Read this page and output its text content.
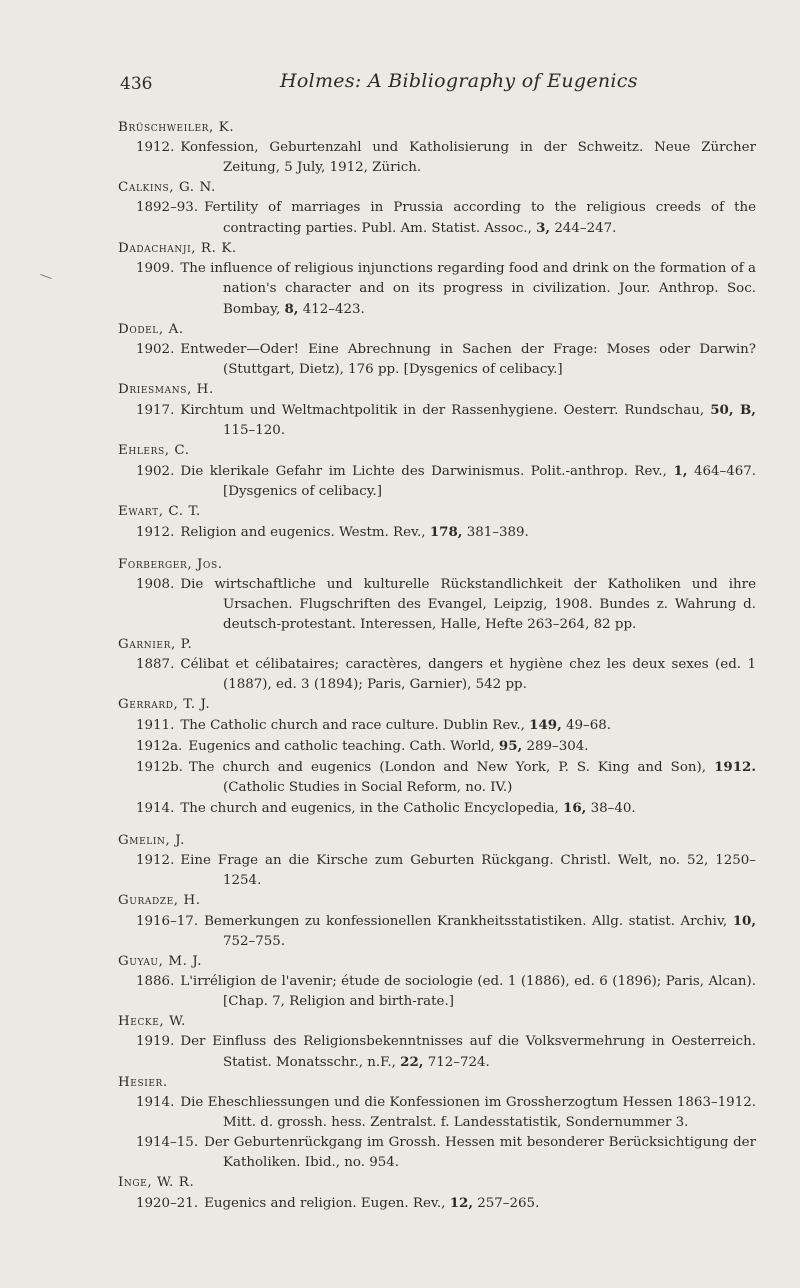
436	Holmes: A Bibliography of Eugenics
Brüschweiler, K.
1912. Konfession, Geburtenzahl und Katholisierung in der Schweitz. Neue Zürcher Zeitung, 5 July, 1912, Zürich.
Calkins, G. N.
1892–93. Fertility of marriages in Prussia according to the religious creeds of the contracting parties. Publ. Am. Statist. Assoc., 3, 244–247.
Dadachanji, R. K.
1909. The influence of religious injunctions regarding food and drink on the formation of a nation's character and on its progress in civilization. Jour. Anthrop. Soc. Bombay, 8, 412–423.
Dodel, A.
1902. Entweder—Oder! Eine Abrechnung in Sachen der Frage: Moses oder Darwin? (Stuttgart, Dietz), 176 pp. [Dysgenics of celibacy.]
Driesmans, H.
1917. Kirchtum und Weltmachtpolitik in der Rassenhygiene. Oesterr. Rundschau, 50, B, 115–120.
Ehlers, C.
1902. Die klerikale Gefahr im Lichte des Darwinismus. Polit.-anthrop. Rev., 1, 464–467. [Dysgenics of celibacy.]
Ewart, C. T.
1912. Religion and eugenics. Westm. Rev., 178, 381–389.
Forberger, Jos.
1908. Die wirtschaftliche und kulturelle Rückstandlichkeit der Katholiken und ihre Ursachen. Flugschriften des Evangel, Leipzig, 1908. Bundes z. Wahrung d. deutsch-protestant. Interessen, Halle, Hefte 263–264, 82 pp.
Garnier, P.
1887. Célibat et célibataires; caractères, dangers et hygiène chez les deux sexes (ed. 1 (1887), ed. 3 (1894); Paris, Garnier), 542 pp.
Gerrard, T. J.
1911. The Catholic church and race culture. Dublin Rev., 149, 49–68.
1912a. Eugenics and catholic teaching. Cath. World, 95, 289–304.
1912b. The church and eugenics (London and New York, P. S. King and Son), 1912. (Catholic Studies in Social Reform, no. IV.)
1914. The church and eugenics, in the Catholic Encyclopedia, 16, 38–40.
Gmelin, J.
1912. Eine Frage an die Kirsche zum Geburten Rückgang. Christl. Welt, no. 52, 1250–1254.
Guradze, H.
1916–17. Bemerkungen zu konfessionellen Krankheitsstatistiken. Allg. statist. Archiv, 10, 752–755.
Guyau, M. J.
1886. L'irréligion de l'avenir; étude de sociologie (ed. 1 (1886), ed. 6 (1896); Paris, Alcan). [Chap. 7, Religion and birth-rate.]
Hecke, W.
1919. Der Einfluss des Religionsbekenntnisses auf die Volksvermehrung in Oesterreich. Statist. Monatsschr., n.F., 22, 712–724.
Hesier.
1914. Die Eheschliessungen und die Konfessionen im Grossherzogtum Hessen 1863–1912. Mitt. d. grossh. hess. Zentralst. f. Landesstatistik, Sondernummer 3.
1914–15. Der Geburtenrückgang im Grossh. Hessen mit besonderer Berücksichtigung der Katholiken. Ibid., no. 954.
Inge, W. R.
1920–21. Eugenics and religion. Eugen. Rev., 12, 257–265.
